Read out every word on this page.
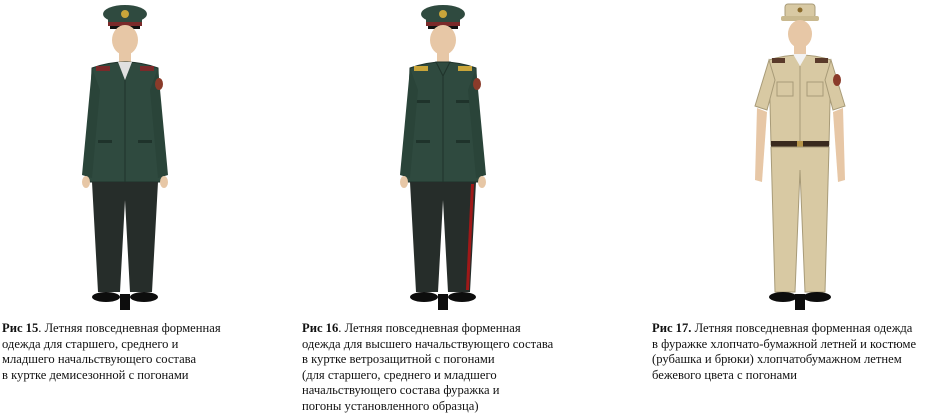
Рис 15. Летняя повседневная форменная
одежда для старшего, среднего и
младшего начальствующего состава
в куртке демисезонной с погонами
Рис 16. Летняя повседневная форменная
одежда для высшего начальствующего состава
в куртке ветрозащитной с погонами
(для старшего, среднего и младшего
начальствующего состава фуражка и
погоны установленного образца)
Рис 17. Летняя повседневная форменная одежда
в фуражке хлопчато-бумажной летней и костюме
(рубашка и брюки) хлопчатобумажном летнем
бежевого цвета с погонами
